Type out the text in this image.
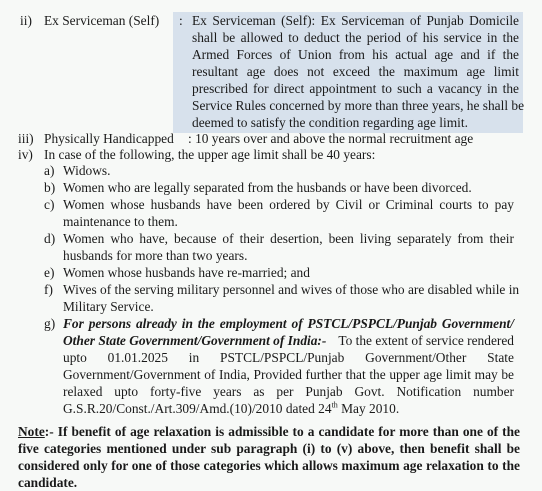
ii) Ex Serviceman (Self) : Ex Serviceman (Self): Ex Serviceman of Punjab Domicile
shall be allowed to deduct the period of his service in the
Armed Forces of Union from his actual age and if the
resultant age does not exceed the maximum age limit
prescribed for direct appointment to such a vacancy in the
Service Rules concerned by more than three years, he shall be
deemed to satisfy the condition regarding age limit.
iii) Physically Handicapped : 10 years over and above the normal recruitment age
iv) In case of the following, the upper age limit shall be 40 years:
a) Widows.
b) Women who are legally separated from the husbands or have been divorced.
c) Women whose husbands have been ordered by Civil or Criminal courts to pay
maintenance to them.
d) Women who have, because of their desertion, been living separately from their
husbands for more than two years.
e) Women whose husbands have re-married; and
f) Wives of the serving military personnel and wives of those who are disabled while in
Military Service.
g) For persons already in the employment of PSTCL/PSPCL/Punjab Government/
Other State Government/Government of India:- To the extent of service rendered
upto 01.01.2025 in PSTCL/PSPCL/Punjab Government/Other State
Government/Government of India, Provided further that the upper age limit may be
relaxed upto forty-five years as per Punjab Govt. Notification number
G.S.R.20/Const./Art.309/Amd.(10)/2010 dated 24th May 2010.
Note :- If benefit of age relaxation is admissible to a candidate for more than one of the
five categories mentioned under sub paragraph (i) to (v) above, then benefit shall be
considered only for one of those categories which allows maximum age relaxation to the
candidate.
